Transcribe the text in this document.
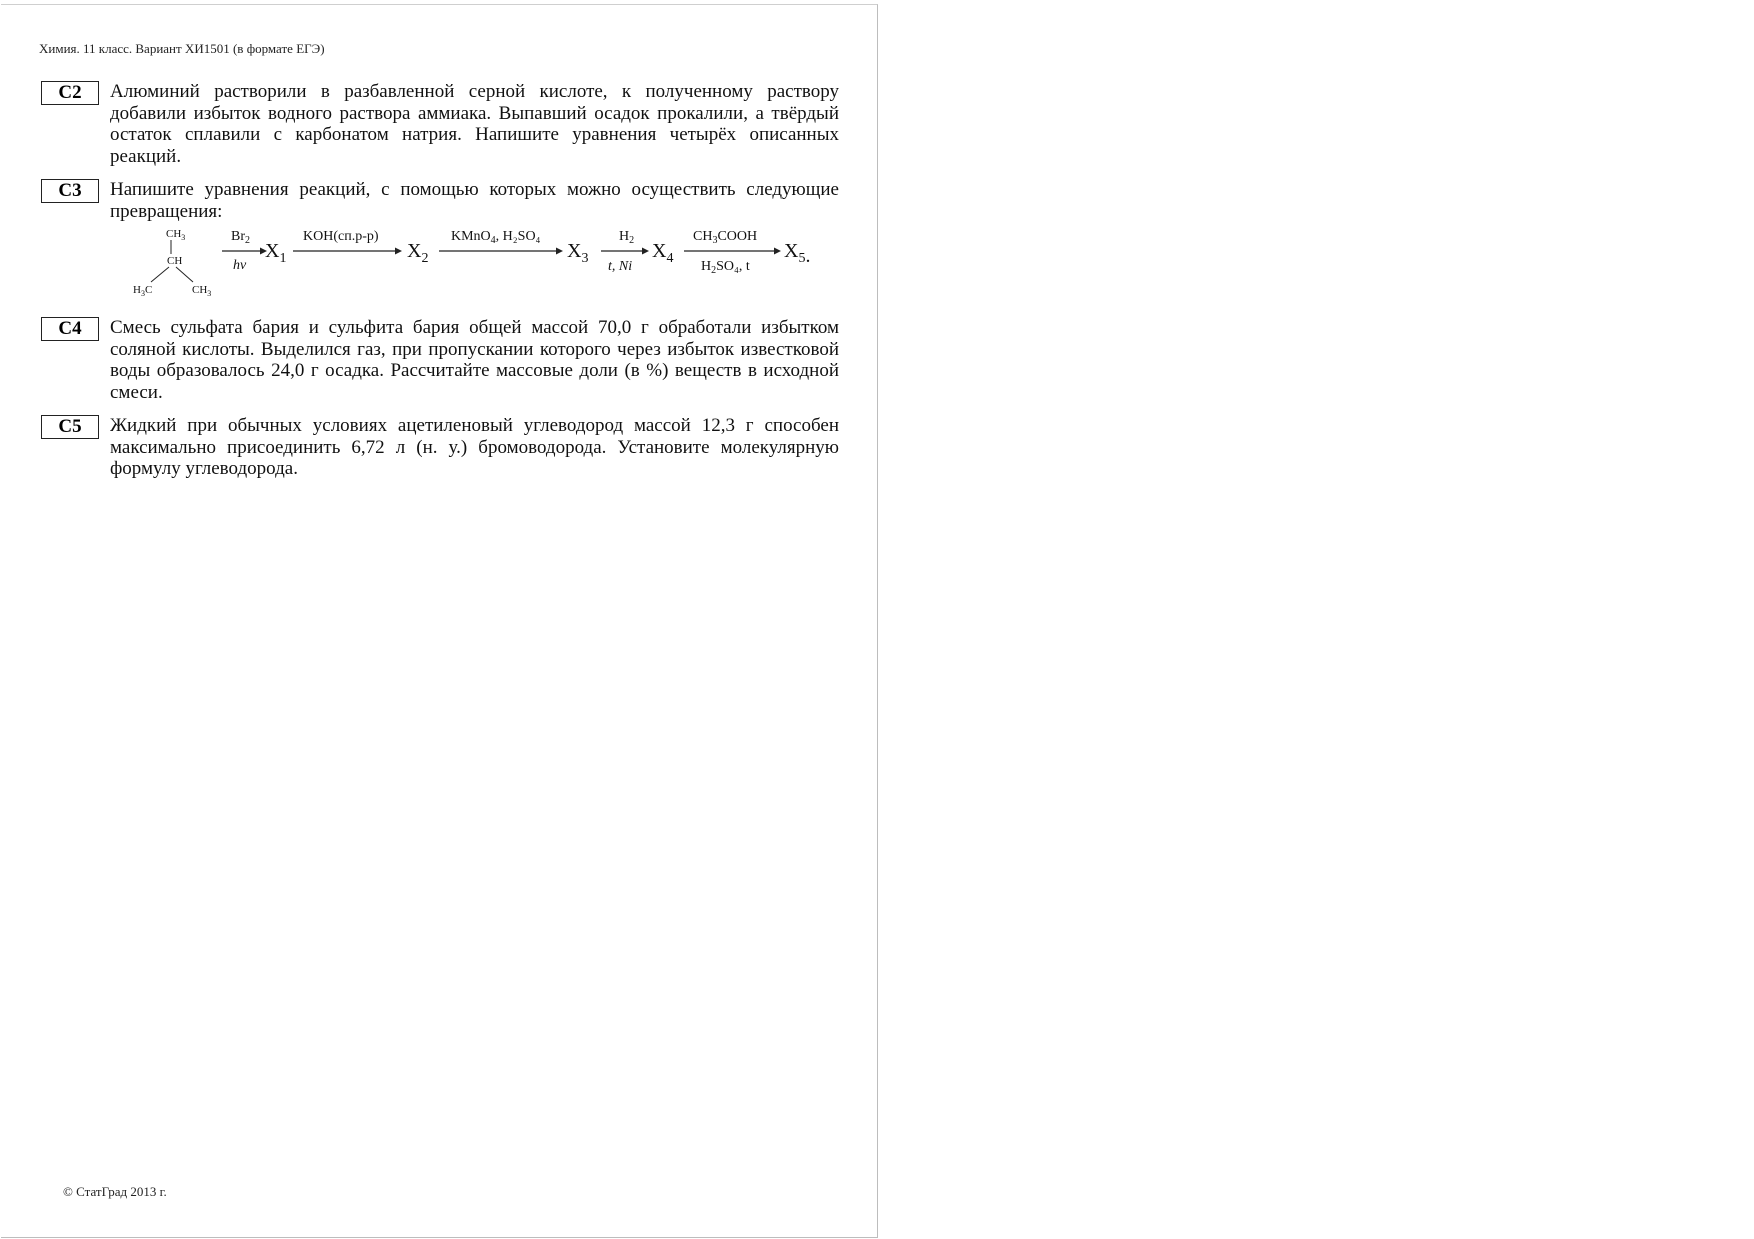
Химия. 11 класс. Вариант ХИ1501 (в формате ЕГЭ)
C2	Алюминий растворили в разбавленной серной кислоте, к полученному раствору добавили избыток водного раствора аммиака. Выпавший осадок прокалили, а твёрдый остаток сплавили с карбонатом натрия. Напишите уравнения четырёх описанных реакций.
C3	Напишите уравнения реакций, с помощью которых можно осуществить следующие превращения:
$CH_3$
CH
$H_3C$	$CH_3$
$Br_2$
hν
$X_1$
KOH(сп.р-р)
$X_2$
KMnO$_4$, H₂SO₄
$X_3$
$H_2$
t, Ni
$X_4$
$CH_3COOH$
$H_2SO_4$, t
$X_5$.
C4	Смесь сульфата бария и сульфита бария общей массой 70,0 г обработали избытком соляной кислоты. Выделился газ, при пропускании которого через избыток известковой воды образовалось 24,0 г осадка. Рассчитайте массовые доли (в %) веществ в исходной смеси.
C5	Жидкий при обычных условиях ацетиленовый углеводород массой 12,3 г способен максимально присоединить 6,72 л (н. у.) бромоводорода. Установите молекулярную формулу углеводорода.
© СтатГрад 2013 г.
